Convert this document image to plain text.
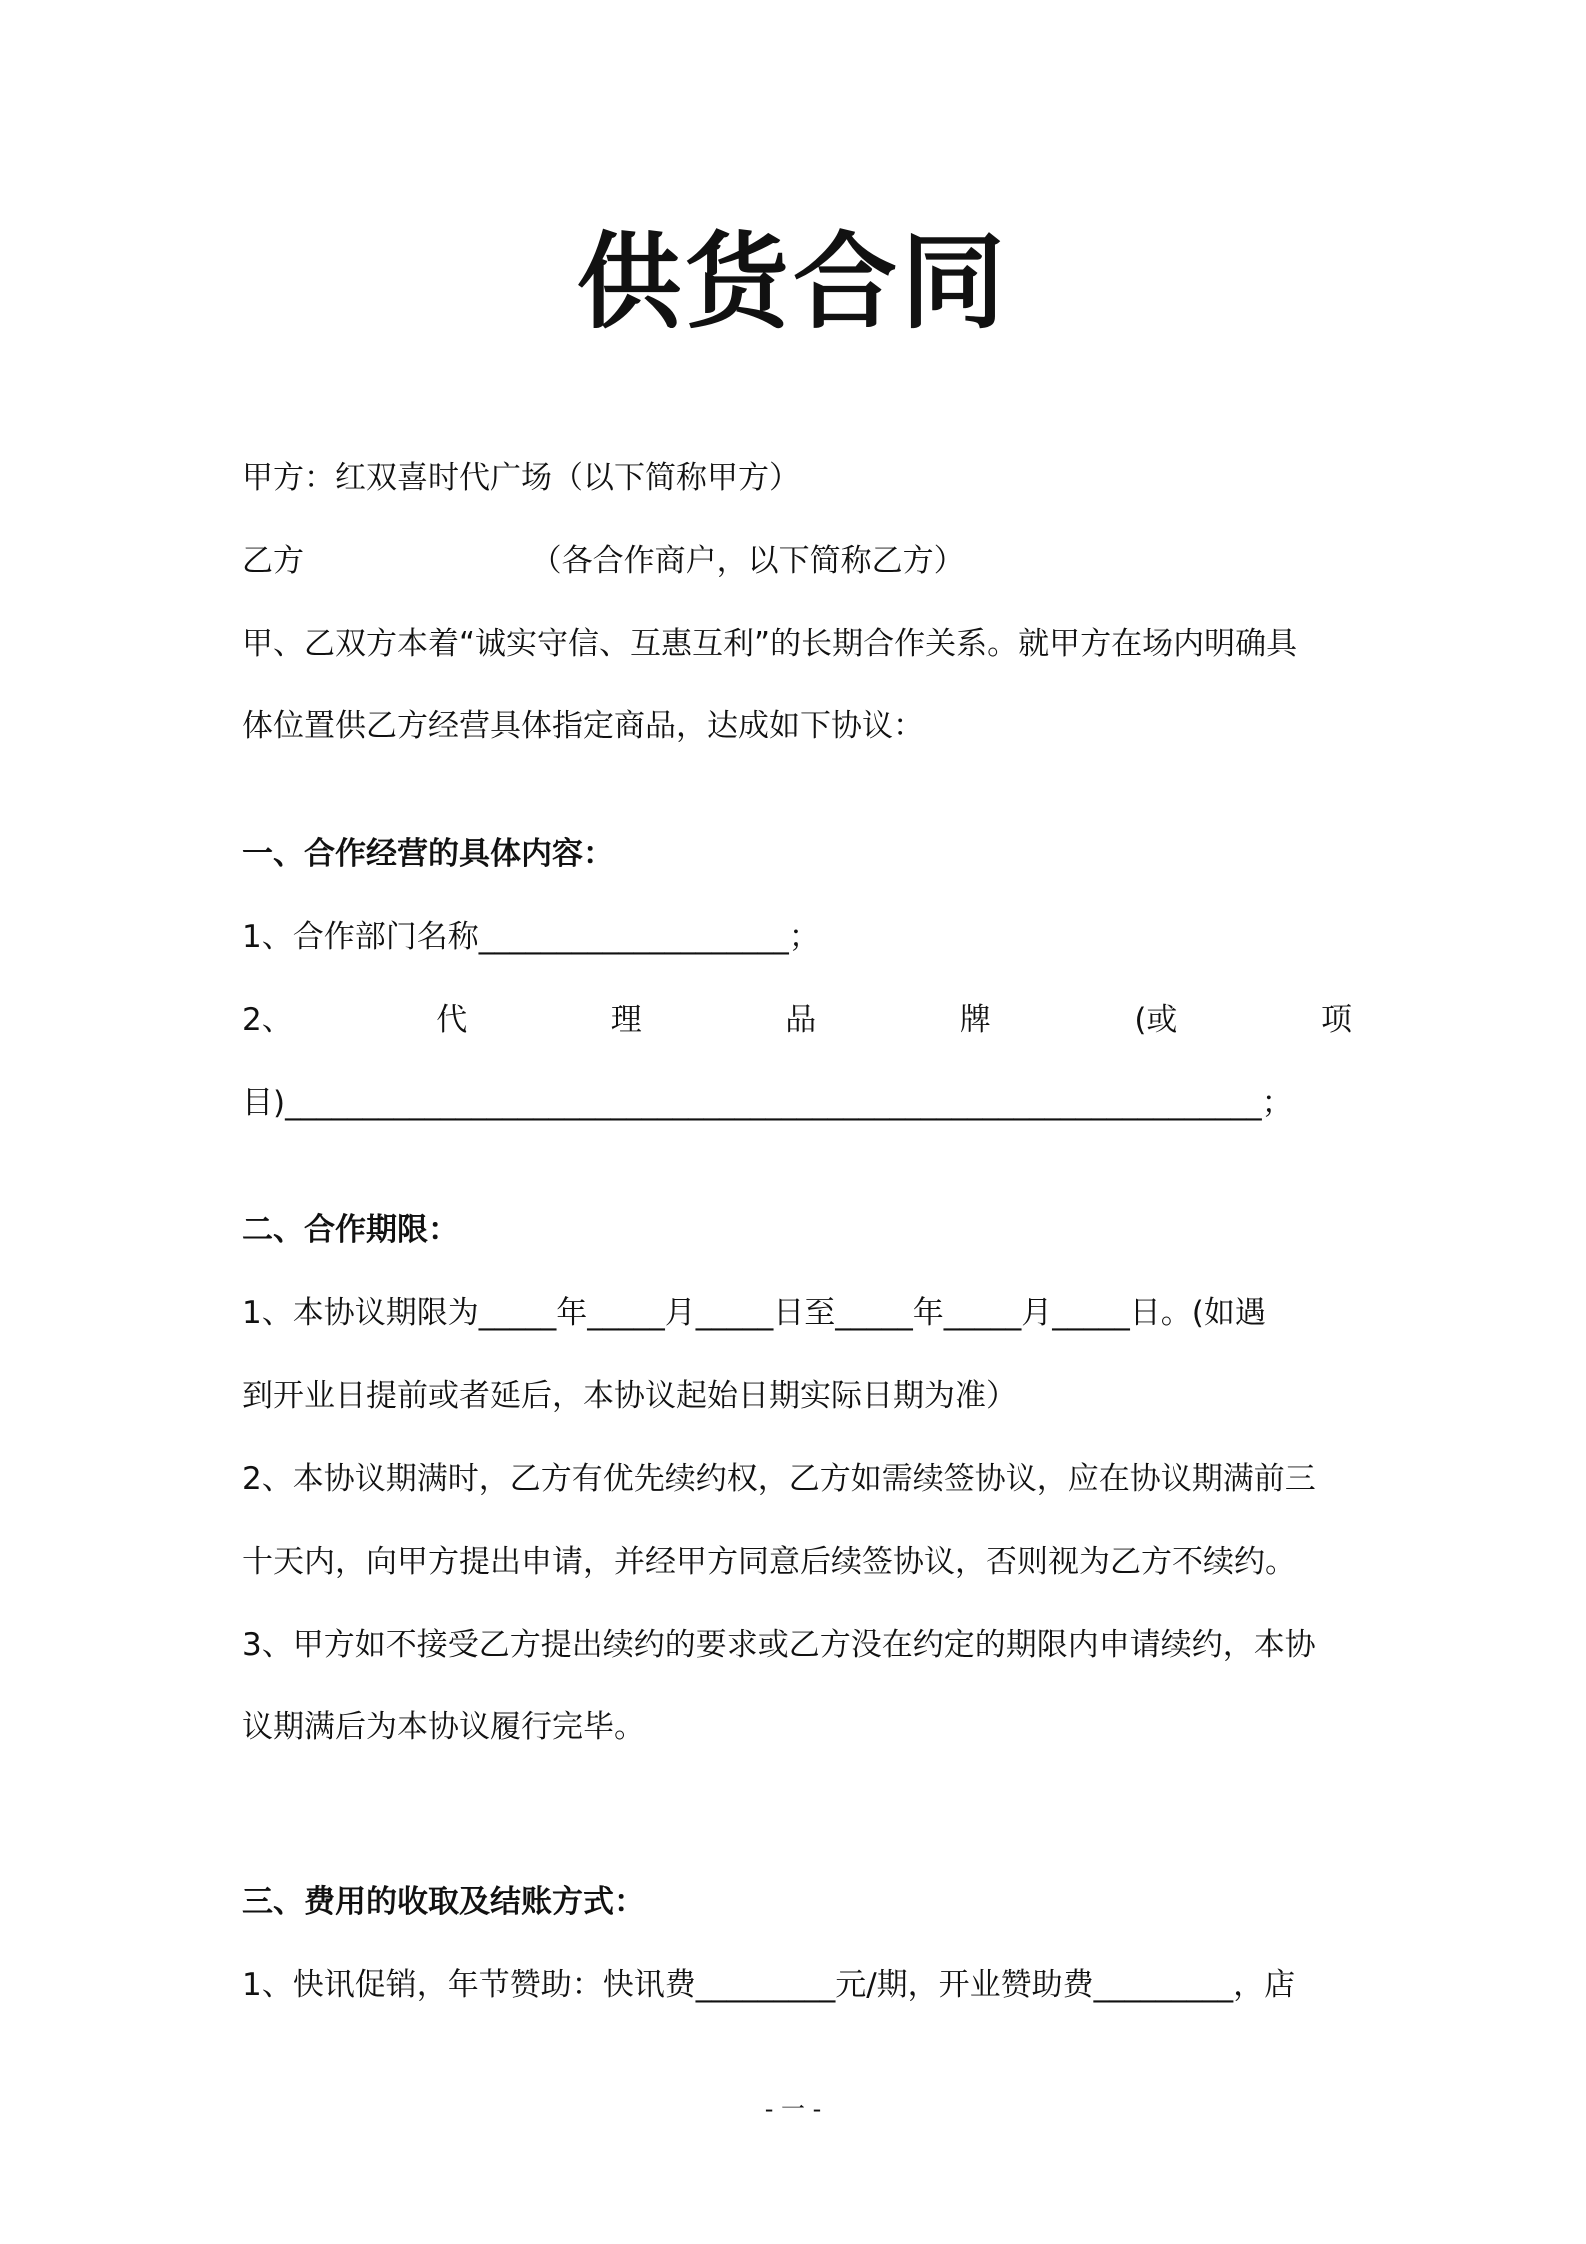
供货合同
甲方：红双喜时代广场（以下简称甲方）
乙方                       （各合作商户，以下简称乙方）
甲、乙双方本着“诚实守信、互惠互利”的长期合作关系。就甲方在场内明确具
体位置供乙方经营具体指定商品，达成如下协议：
一、合作经营的具体内容：
1、合作部门名称____________________；
2、	代	理	品	牌	(或	项
目)_______________________________________________________________；
二、合作期限：
1、本协议期限为_____年_____月_____日至_____年_____月_____日。(如遇
到开业日提前或者延后，本协议起始日期实际日期为准）
2、本协议期满时，乙方有优先续约权，乙方如需续签协议，应在协议期满前三
十天内，向甲方提出申请，并经甲方同意后续签协议，否则视为乙方不续约。
3、甲方如不接受乙方提出续约的要求或乙方没在约定的期限内申请续约，本协
议期满后为本协议履行完毕。
三、费用的收取及结账方式：
1、快讯促销，年节赞助：快讯费_________元/期，开业赞助费_________，店
- 一 -
